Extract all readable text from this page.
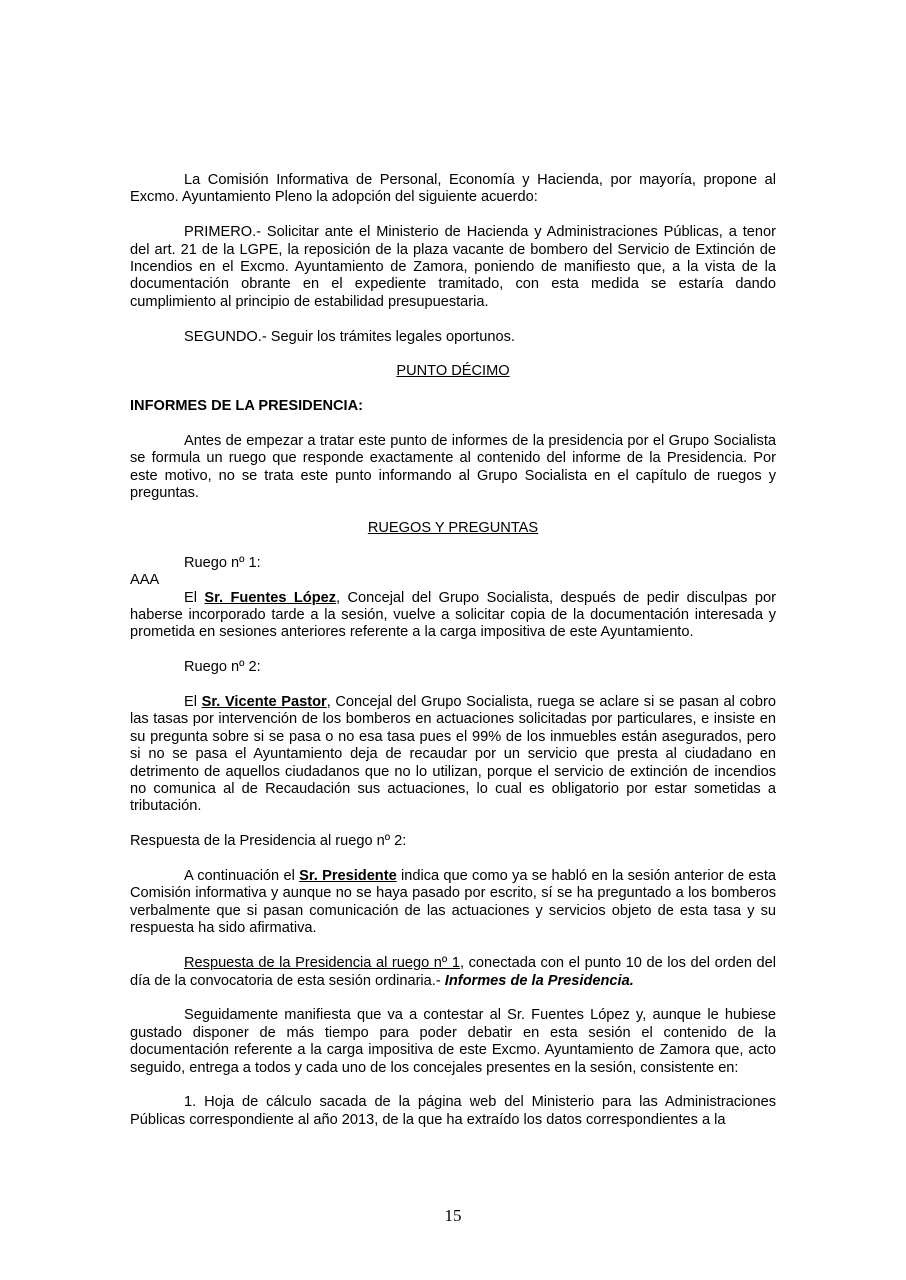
La Comisión Informativa de Personal, Economía y Hacienda, por mayoría, propone al Excmo. Ayuntamiento Pleno la adopción del siguiente acuerdo:

PRIMERO.- Solicitar ante el Ministerio de Hacienda y Administraciones Públicas, a tenor del art. 21 de la LGPE, la reposición de la plaza vacante de bombero del Servicio de Extinción de Incendios en el Excmo. Ayuntamiento de Zamora, poniendo de manifiesto que, a la vista de la documentación obrante en el expediente tramitado, con esta medida se estaría dando cumplimiento al principio de estabilidad presupuestaria.

SEGUNDO.- Seguir los trámites legales oportunos.

PUNTO DÉCIMO

INFORMES DE LA PRESIDENCIA:

Antes de empezar a tratar este punto de informes de la presidencia por el Grupo Socialista se formula un ruego que responde exactamente al contenido del informe de la Presidencia. Por este motivo, no se trata este punto informando al Grupo Socialista en el capítulo de ruegos y preguntas.

RUEGOS Y PREGUNTAS

Ruego nº 1:

AAA

El Sr. Fuentes López, Concejal del Grupo Socialista, después de pedir disculpas por haberse incorporado tarde a la sesión, vuelve a solicitar copia de la documentación interesada y prometida en sesiones anteriores referente a la carga impositiva de este Ayuntamiento.

Ruego nº 2:

El Sr. Vicente Pastor, Concejal del Grupo Socialista, ruega se aclare si se pasan al cobro las tasas por intervención de los bomberos en actuaciones solicitadas por particulares, e insiste en su pregunta sobre si se pasa o no esa tasa pues el 99% de los inmuebles están asegurados, pero si no se pasa el Ayuntamiento deja de recaudar por un servicio que presta al ciudadano en detrimento de aquellos ciudadanos que no lo utilizan, porque el servicio de extinción de incendios no comunica al de Recaudación sus actuaciones, lo cual es obligatorio por estar sometidas a tributación.

Respuesta de la Presidencia al ruego nº 2:

A continuación el Sr. Presidente indica que como ya se habló en la sesión anterior de esta Comisión informativa y aunque no se haya pasado por escrito, sí se ha preguntado a los bomberos verbalmente que si pasan comunicación de las actuaciones y servicios objeto de esta tasa y su respuesta ha sido afirmativa.

Respuesta de la Presidencia al ruego nº 1, conectada con el punto 10 de los del orden del día de la convocatoria de esta sesión ordinaria.- Informes de la Presidencia.

Seguidamente manifiesta que va a contestar al Sr. Fuentes López y, aunque le hubiese gustado disponer de más tiempo para poder debatir en esta sesión el contenido de la documentación referente a la carga impositiva de este Excmo. Ayuntamiento de Zamora que, acto seguido, entrega a todos y cada uno de los concejales presentes en la sesión, consistente en:

1. Hoja de cálculo sacada de la página web del Ministerio para las Administraciones Públicas correspondiente al año 2013, de la que ha extraído los datos correspondientes a la

15
